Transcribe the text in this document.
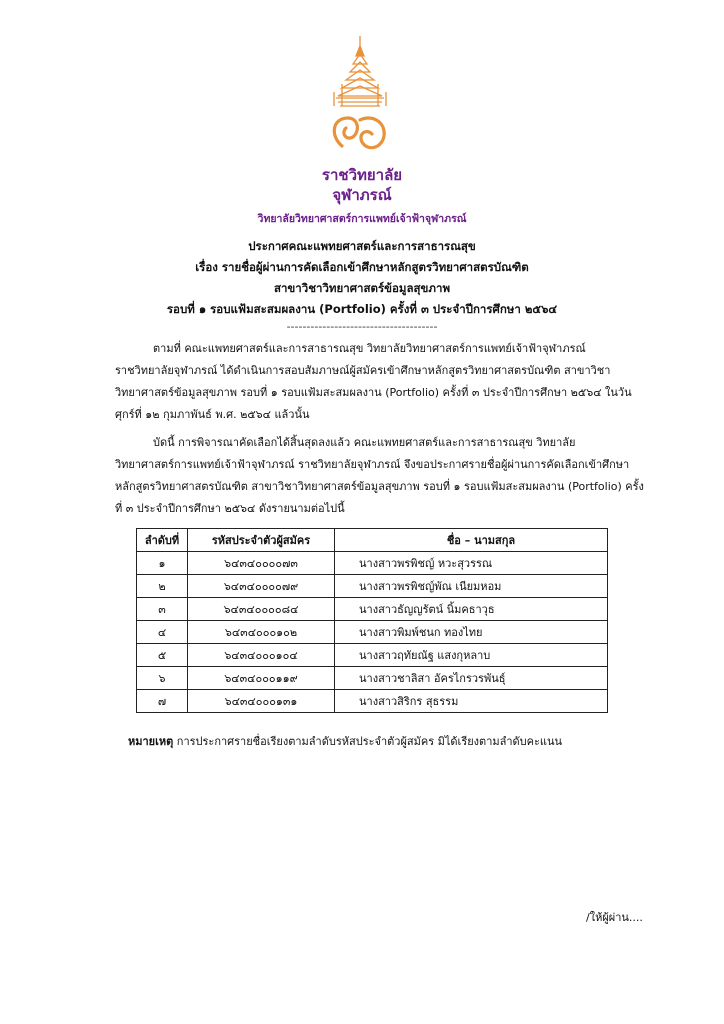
ราชวิทยาลัย
จุฬาภรณ์
วิทยาลัยวิทยาศาสตร์การแพทย์เจ้าฟ้าจุฬาภรณ์
ประกาศคณะแพทยศาสตร์และการสาธารณสุข
เรื่อง รายชื่อผู้ผ่านการคัดเลือกเข้าศึกษาหลักสูตรวิทยาศาสตรบัณฑิต
สาขาวิชาวิทยาศาสตร์ข้อมูลสุขภาพ
รอบที่ ๑ รอบแฟ้มสะสมผลงาน (Portfolio) ครั้งที่ ๓ ประจำปีการศึกษา ๒๕๖๔
--------------------------------------
ตามที่ คณะแพทยศาสตร์และการสาธารณสุข วิทยาลัยวิทยาศาสตร์การแพทย์เจ้าฟ้าจุฬาภรณ์
ราชวิทยาลัยจุฬาภรณ์ ได้ดำเนินการสอบสัมภาษณ์ผู้สมัครเข้าศึกษาหลักสูตรวิทยาศาสตรบัณฑิต สาขาวิชา
วิทยาศาสตร์ข้อมูลสุขภาพ รอบที่ ๑ รอบแฟ้มสะสมผลงาน (Portfolio) ครั้งที่ ๓ ประจำปีการศึกษา ๒๕๖๔ ในวัน
ศุกร์ที่ ๑๒ กุมภาพันธ์ พ.ศ. ๒๕๖๔ แล้วนั้น
บัดนี้ การพิจารณาคัดเลือกได้สิ้นสุดลงแล้ว คณะแพทยศาสตร์และการสาธารณสุข วิทยาลัย
วิทยาศาสตร์การแพทย์เจ้าฟ้าจุฬาภรณ์ ราชวิทยาลัยจุฬาภรณ์ จึงขอประกาศรายชื่อผู้ผ่านการคัดเลือกเข้าศึกษา
หลักสูตรวิทยาศาสตรบัณฑิต สาขาวิชาวิทยาศาสตร์ข้อมูลสุขภาพ รอบที่ ๑ รอบแฟ้มสะสมผลงาน (Portfolio) ครั้ง
ที่ ๓ ประจำปีการศึกษา ๒๕๖๔ ดังรายนามต่อไปนี้
ลำดับที่	รหัสประจำตัวผู้สมัคร	ชื่อ – นามสกุล
๑	๖๔๓๔๐๐๐๐๗๓	นางสาวพรพิชญ์ หวะสุวรรณ
๒	๖๔๓๔๐๐๐๐๗๙	นางสาวพรพิชญ์พัณ เนียมหอม
๓	๖๔๓๔๐๐๐๐๘๔	นางสาวธัญญรัตน์ นิ้มคธาวุธ
๔	๖๔๓๔๐๐๐๑๐๒	นางสาวพิมพ์ชนก ทองไทย
๕	๖๔๓๔๐๐๐๑๐๔	นางสาวฤทัยณัฐ แสงกุหลาบ
๖	๖๔๓๔๐๐๐๑๑๙	นางสาวชาลิสา อัครไกรวรพันธุ์
๗	๖๔๓๔๐๐๐๑๓๑	นางสาวสิริกร สุธรรม
หมายเหตุ การประกาศรายชื่อเรียงตามลำดับรหัสประจำตัวผู้สมัคร มิได้เรียงตามลำดับคะแนน
/ให้ผู้ผ่าน....
